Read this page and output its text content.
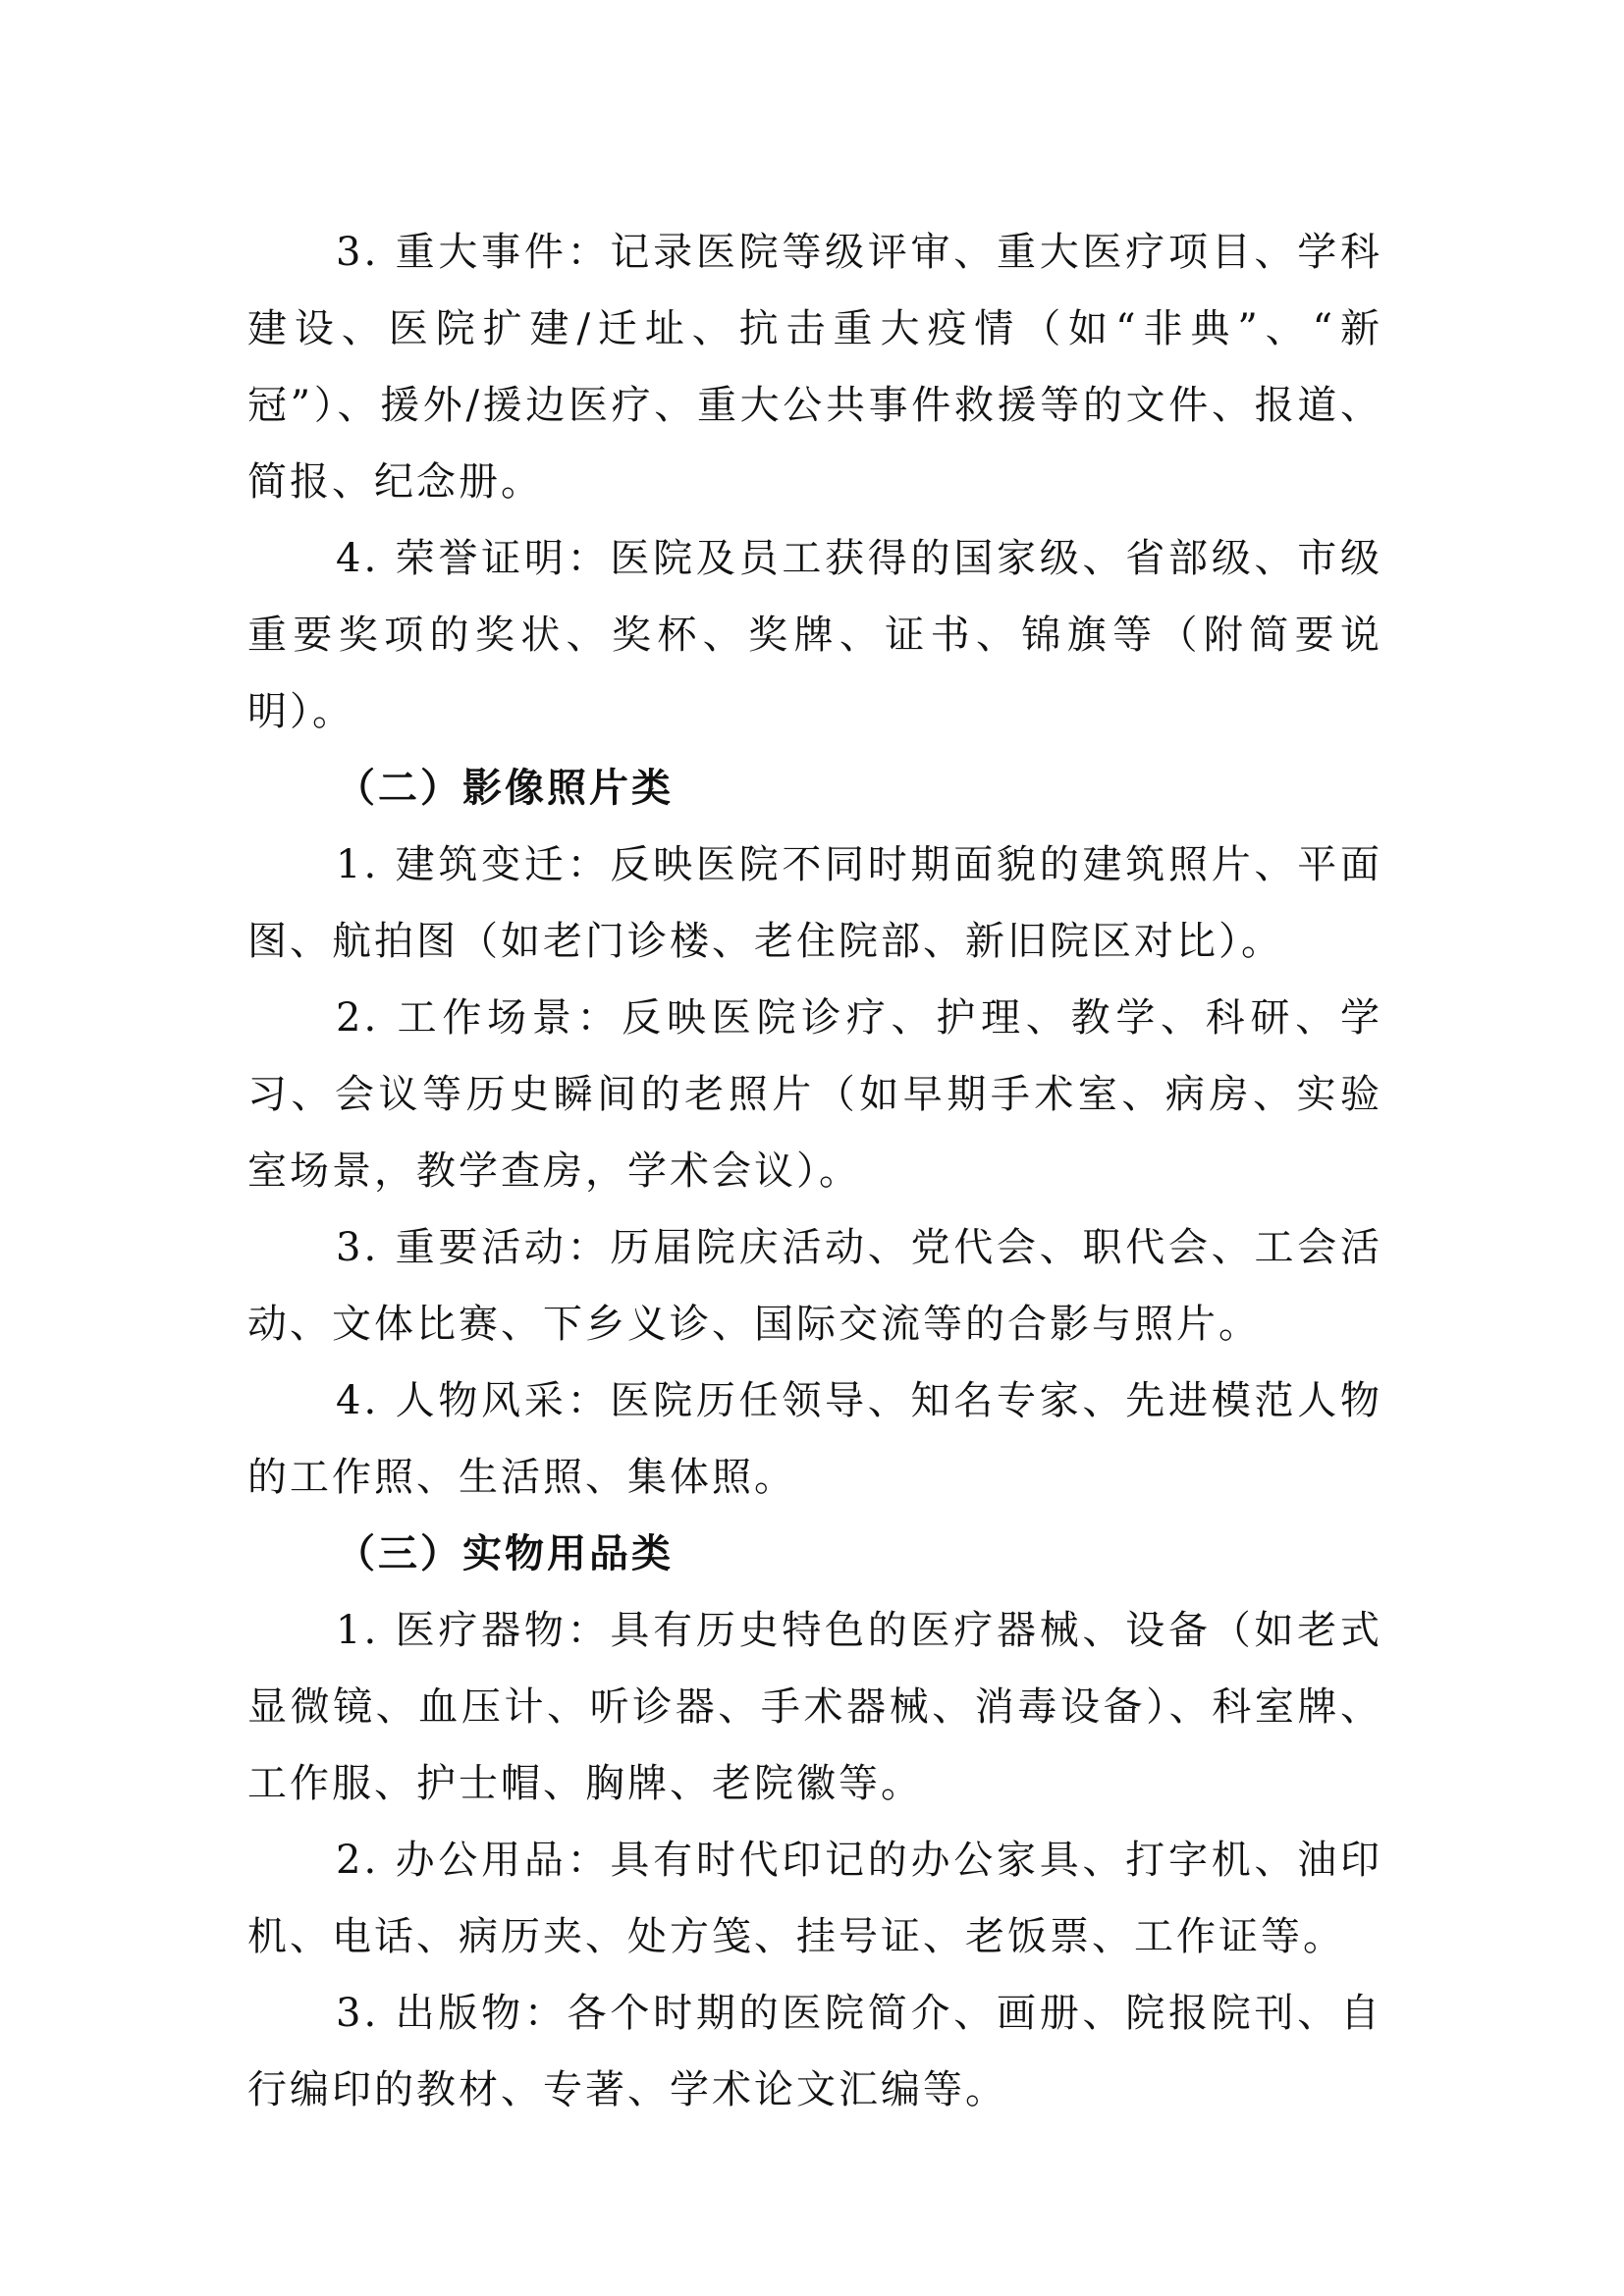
3. 重大事件：记录医院等级评审、重大医疗项目、学科建设、医院扩建/迁址、抗击重大疫情（如“非典”、“新冠”）、援外/援边医疗、重大公共事件救援等的文件、报道、简报、纪念册。

4. 荣誉证明：医院及员工获得的国家级、省部级、市级重要奖项的奖状、奖杯、奖牌、证书、锦旗等（附简要说明）。

（二）影像照片类

1. 建筑变迁：反映医院不同时期面貌的建筑照片、平面图、航拍图（如老门诊楼、老住院部、新旧院区对比）。

2. 工作场景：反映医院诊疗、护理、教学、科研、学习、会议等历史瞬间的老照片（如早期手术室、病房、实验室场景，教学查房，学术会议）。

3. 重要活动：历届院庆活动、党代会、职代会、工会活动、文体比赛、下乡义诊、国际交流等的合影与照片。

4. 人物风采：医院历任领导、知名专家、先进模范人物的工作照、生活照、集体照。

（三）实物用品类

1. 医疗器物：具有历史特色的医疗器械、设备（如老式显微镜、血压计、听诊器、手术器械、消毒设备）、科室牌、工作服、护士帽、胸牌、老院徽等。

2. 办公用品：具有时代印记的办公家具、打字机、油印机、电话、病历夹、处方笺、挂号证、老饭票、工作证等。

3. 出版物：各个时期的医院简介、画册、院报院刊、自行编印的教材、专著、学术论文汇编等。
